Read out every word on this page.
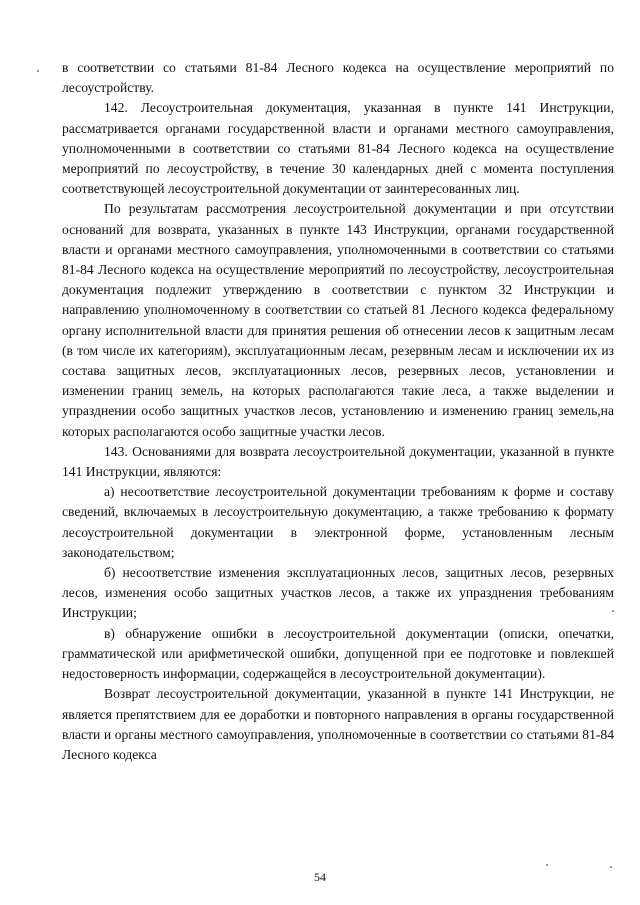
в соответствии со статьями 81-84 Лесного кодекса на осуществление мероприятий по лесоустройству.

142. Лесоустроительная документация, указанная в пункте 141 Инструкции, рассматривается органами государственной власти и органами местного самоуправления, уполномоченными в соответствии со статьями 81-84 Лесного кодекса на осуществление мероприятий по лесоустройству, в течение 30 календарных дней с момента поступления соответствующей лесоустроительной документации от заинтересованных лиц.

По результатам рассмотрения лесоустроительной документации и при отсутствии оснований для возврата, указанных в пункте 143 Инструкции, органами государственной власти и органами местного самоуправления, уполномоченными в соответствии со статьями 81-84 Лесного кодекса на осуществление мероприятий по лесоустройству, лесоустроительная документация подлежит утверждению в соответствии с пунктом 32 Инструкции и направлению уполномоченному в соответствии со статьей 81 Лесного кодекса федеральному органу исполнительной власти для принятия решения об отнесении лесов к защитным лесам (в том числе их категориям), эксплуатационным лесам, резервным лесам и исключении их из состава защитных лесов, эксплуатационных лесов, резервных лесов, установлении и изменении границ земель, на которых располагаются такие леса, а также выделении и упразднении особо защитных участков лесов, установлению и изменению границ земель,на которых располагаются особо защитные участки лесов.

143. Основаниями для возврата лесоустроительной документации, указанной в пункте 141 Инструкции, являются:

а) несоответствие лесоустроительной документации требованиям к форме и составу сведений, включаемых в лесоустроительную документацию, а также требованию к формату лесоустроительной документации в электронной форме, установленным лесным законодательством;

б) несоответствие изменения эксплуатационных лесов, защитных лесов, резервных лесов, изменения особо защитных участков лесов, а также их упразднения требованиям Инструкции;

в) обнаружение ошибки в лесоустроительной документации (описки, опечатки, грамматической или арифметической ошибки, допущенной при ее подготовке и повлекшей недостоверность информации, содержащейся в лесоустроительной документации).

Возврат лесоустроительной документации, указанной в пункте 141 Инструкции, не является препятствием для ее доработки и повторного направления в органы государственной власти и органы местного самоуправления, уполномоченные в соответствии со статьями 81-84 Лесного кодекса

54
